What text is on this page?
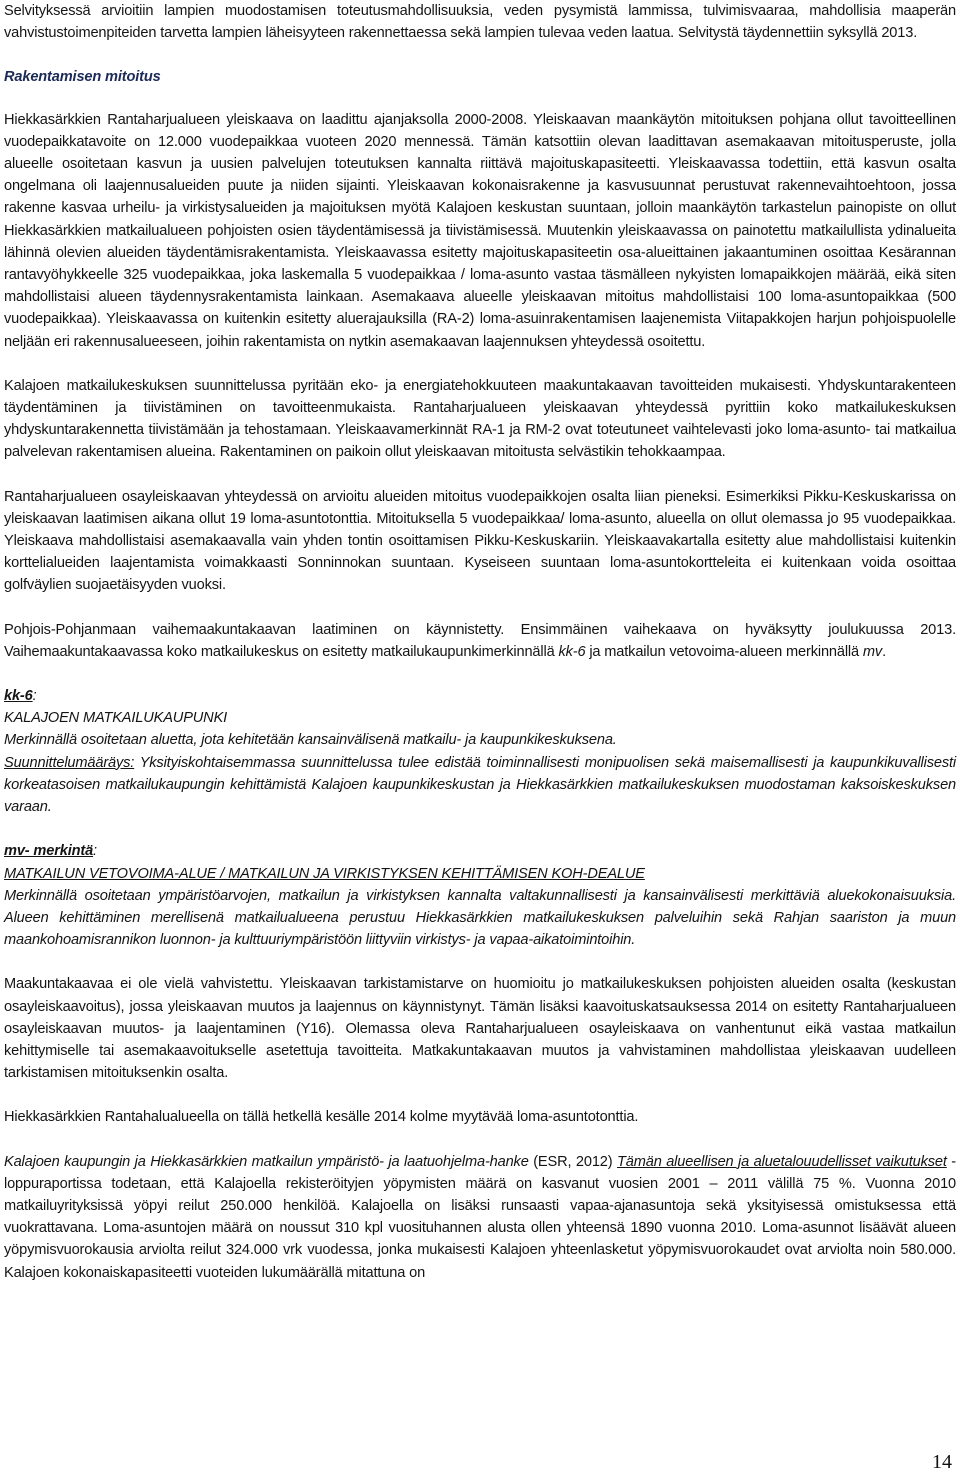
Selvityksessä arvioitiin lampien muodostamisen toteutusmahdollisuuksia, veden pysymistä lammissa, tulvimisvaaraa, mahdollisia maaperän vahvistustoimenpiteiden tarvetta lampien läheisyyteen rakennettaessa sekä lampien tulevaa veden laatua. Selvitystä täydennettiin syksyllä 2013.

Rakentamisen mitoitus

Hiekkasärkkien Rantaharjualueen yleiskaava on laadittu ajanjaksolla 2000-2008. Yleiskaavan maankäytön mitoituksen pohjana ollut tavoitteellinen vuodepaikkatavoite on 12.000 vuodepaikkaa vuoteen 2020 mennessä. Tämän katsottiin olevan laadittavan asemakaavan mitoitusperuste, jolla alueelle osoitetaan kasvun ja uusien palvelujen toteutuksen kannalta riittävä majoituskapasiteetti. Yleiskaavassa todettiin, että kasvun osalta ongelmana oli laajennusalueiden puute ja niiden sijainti. Yleiskaavan kokonaisrakenne ja kasvusuunnat perustuvat rakennevaihtoehtoon, jossa rakenne kasvaa urheilu- ja virkistysalueiden ja majoituksen myötä Kalajoen keskustan suuntaan, jolloin maankäytön tarkastelun painopiste on ollut Hiekkasärkkien matkailualueen pohjoisten osien täydentämisessä ja tiivistämisessä. Muutenkin yleiskaavassa on painotettu matkailullista ydinalueita lähinnä olevien alueiden täydentämisrakentamista. Yleiskaavassa esitetty majoituskapasiteetin osa-alueittainen jakaantuminen osoittaa Kesärannan rantavyöhykkeelle 325 vuodepaikkaa, joka laskemalla 5 vuodepaikkaa / loma-asunto vastaa täsmälleen nykyisten lomapaikkojen määrää, eikä siten mahdollistaisi alueen täydennysrakentamista lainkaan. Asemakaava alueelle yleiskaavan mitoitus mahdollistaisi 100 loma-asuntopaikkaa (500 vuodepaikkaa). Yleiskaavassa on kuitenkin esitetty aluerajauksilla (RA-2) loma-asuinrakentamisen laajenemista Viitapakkojen harjun pohjoispuolelle neljään eri rakennusalueeseen, joihin rakentamista on nytkin asemakaavan laajennuksen yhteydessä osoitettu.

Kalajoen matkailukeskuksen suunnittelussa pyritään eko- ja energiatehokkuuteen maakuntakaavan tavoitteiden mukaisesti. Yhdyskuntarakenteen täydentäminen ja tiivistäminen on tavoitteenmukaista. Rantaharjualueen yleiskaavan yhteydessä pyrittiin koko matkailukeskuksen yhdyskuntarakennetta tiivistämään ja tehostamaan. Yleiskaavamerkinnät RA-1 ja RM-2 ovat toteutuneet vaihtelevasti joko loma-asunto- tai matkailua palvelevan rakentamisen alueina. Rakentaminen on paikoin ollut yleiskaavan mitoitusta selvästikin tehokkaampaa.

Rantaharjualueen osayleiskaavan yhteydessä on arvioitu alueiden mitoitus vuodepaikkojen osalta liian pieneksi. Esimerkiksi Pikku-Keskuskarissa on yleiskaavan laatimisen aikana ollut 19 loma-asuntotonttia. Mitoituksella 5 vuodepaikkaa/ loma-asunto, alueella on ollut olemassa jo 95 vuodepaikkaa. Yleiskaava mahdollistaisi asemakaavalla vain yhden tontin osoittamisen Pikku-Keskuskariin. Yleiskaavakartalla esitetty alue mahdollistaisi kuitenkin korttelialueiden laajentamista voimakkaasti Sonninnokan suuntaan. Kyseiseen suuntaan loma-asuntokortteleita ei kuitenkaan voida osoittaa golfväylien suojaetäisyyden vuoksi.

Pohjois-Pohjanmaan vaihemaakuntakaavan laatiminen on käynnistetty. Ensimmäinen vaihekaava on hyväksytty joulukuussa 2013. Vaihemaakuntakaavassa koko matkailukeskus on esitetty matkailukaupunkimerkinnällä kk-6 ja matkailun vetovoima-alueen merkinnällä mv.

kk-6:

KALAJOEN MATKAILUKAUPUNKI

Merkinnällä osoitetaan aluetta, jota kehitetään kansainvälisenä matkailu- ja kaupunkikeskuksena.

Suunnittelumääräys: Yksityiskohtaisemmassa suunnittelussa tulee edistää toiminnallisesti monipuolisen sekä maisemallisesti ja kaupunkikuvallisesti korkeatasoisen matkailukaupungin kehittämistä Kalajoen kaupunkikeskustan ja Hiekkasärkkien matkailukeskuksen muodostaman kaksoiskeskuksen varaan.

mv- merkintä:

MATKAILUN VETOVOIMA-ALUE / MATKAILUN JA VIRKISTYKSEN KEHITTÄMISEN KOH-DEALUE

Merkinnällä osoitetaan ympäristöarvojen, matkailun ja virkistyksen kannalta valtakunnallisesti ja kansainvälisesti merkittäviä aluekokonaisuuksia. Alueen kehittäminen merellisenä matkailualueena perustuu Hiekkasärkkien matkailukeskuksen palveluihin sekä Rahjan saariston ja muun maankohoamisrannikon luonnon- ja kulttuuriympäristöön liittyviin virkistys- ja vapaa-aikatoimintoihin.

Maakuntakaavaa ei ole vielä vahvistettu. Yleiskaavan tarkistamistarve on huomioitu jo matkailukeskuksen pohjoisten alueiden osalta (keskustan osayleiskaavoitus), jossa yleiskaavan muutos ja laajennus on käynnistynyt. Tämän lisäksi kaavoituskatsauksessa 2014 on esitetty Rantaharjualueen osayleiskaavan muutos- ja laajentaminen (Y16). Olemassa oleva Rantaharjualueen osayleiskaava on vanhentunut eikä vastaa matkailun kehittymiselle tai asemakaavoitukselle asetettuja tavoitteita. Matkakuntakaavan muutos ja vahvistaminen mahdollistaa yleiskaavan uudelleen tarkistamisen mitoituksenkin osalta.

Hiekkasärkkien Rantahalualueella on tällä hetkellä kesälle 2014 kolme myytävää loma-asuntotonttia.

Kalajoen kaupungin ja Hiekkasärkkien matkailun ympäristö- ja laatuohjelma-hanke (ESR, 2012) Tämän alueellisen ja aluetalouudellisset vaikutukset -loppuraportissa todetaan, että Kalajoella rekisteröityjen yöpymisten määrä on kasvanut vuosien 2001 – 2011 välillä 75 %. Vuonna 2010 matkailuyrityksissä yöpyi reilut 250.000 henkilöä. Kalajoella on lisäksi runsaasti vapaa-ajanasuntoja sekä yksityisessä omistuksessa että vuokrattavana. Loma-asuntojen määrä on noussut 310 kpl vuosituhannen alusta ollen yhteensä 1890 vuonna 2010. Loma-asunnot lisäävät alueen yöpymisvuorokausia arviolta reilut 324.000 vrk vuodessa, jonka mukaisesti Kalajoen yhteenlasketut yöpymisvuorokaudet ovat arviolta noin 580.000. Kalajoen kokonaiskapasiteetti vuoteiden lukumäärällä mitattuna on

14
